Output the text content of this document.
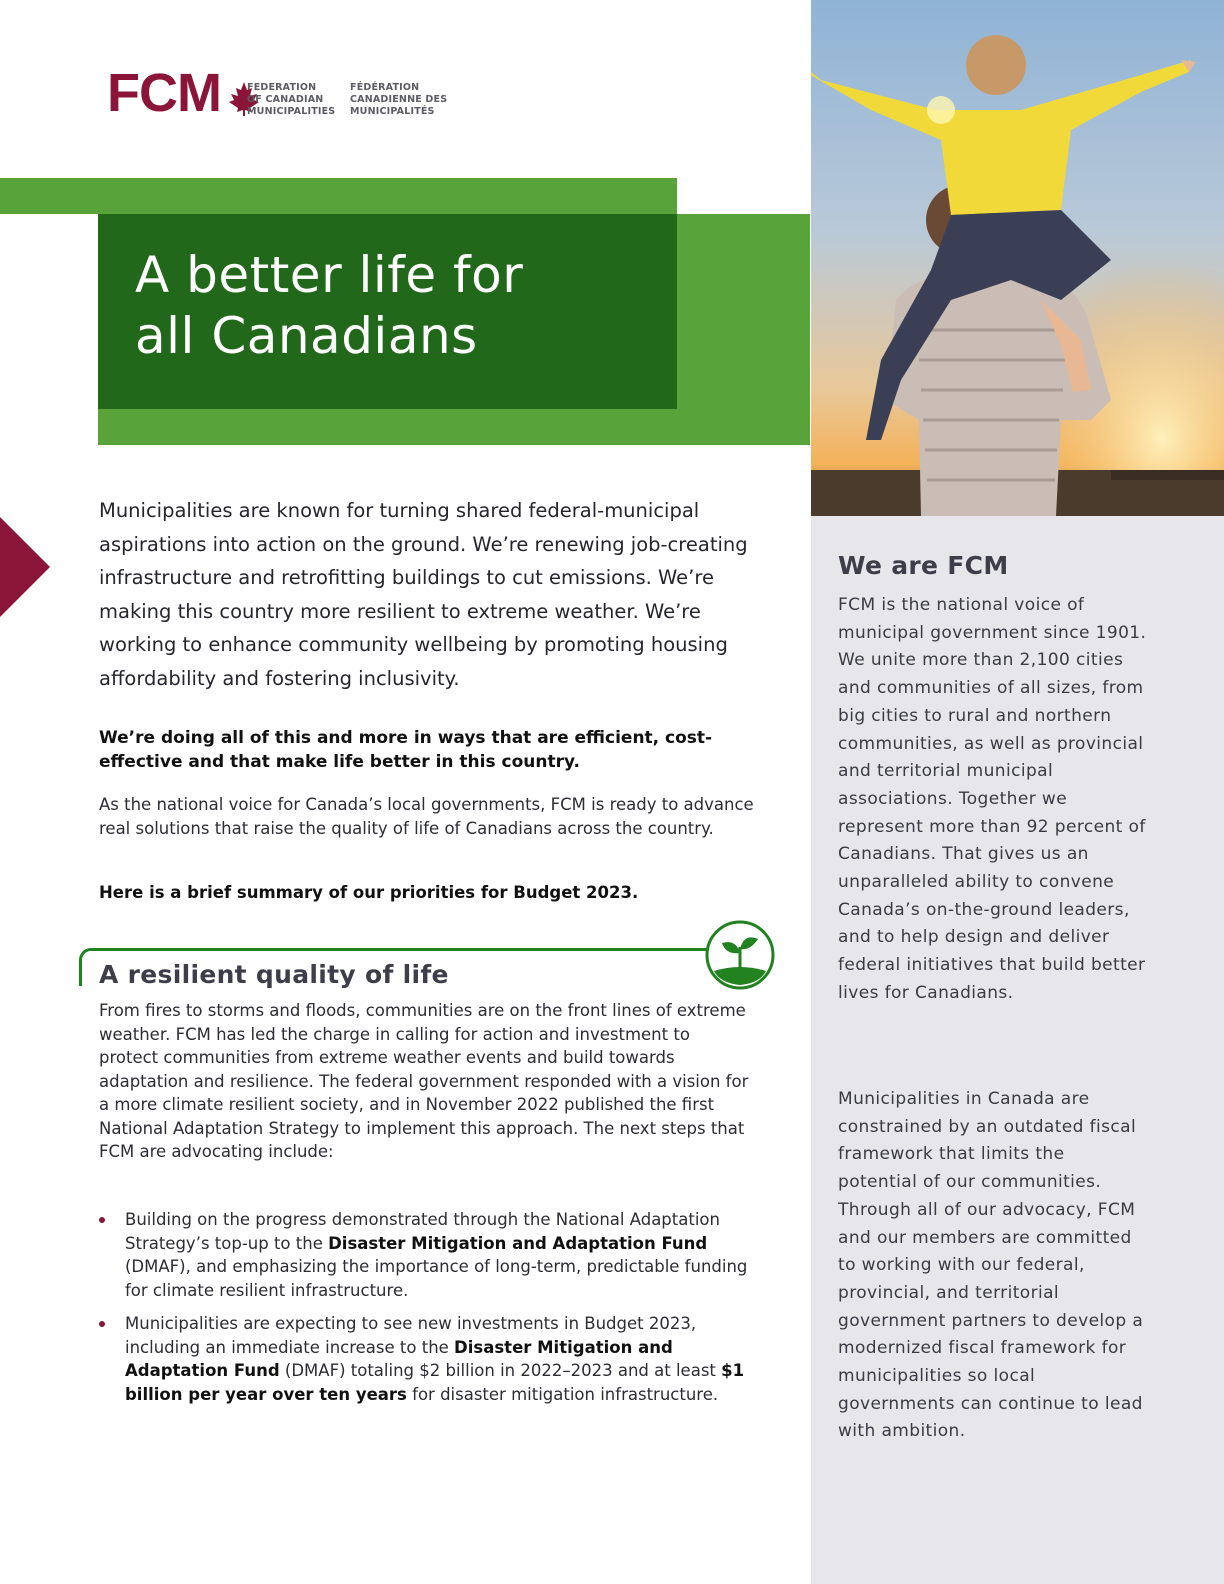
FCM	FEDERATION
OF CANADIAN
MUNICIPALITIES
FÉDÉRATION
CANADIENNE DES
MUNICIPALITÉS
A better life for
all Canadians
We are FCM

FCM is the national voice of municipal government since 1901. We unite more than 2,100 cities and communities of all sizes, from big cities to rural and northern communities, as well as provincial and territorial municipal associations. Together we represent more than 92 percent of Canadians. That gives us an unparalleled ability to convene Canada’s on-the-ground leaders, and to help design and deliver federal initiatives that build better lives for Canadians.

Municipalities in Canada are constrained by an outdated fiscal framework that limits the potential of our communities. Through all of our advocacy, FCM and our members are committed to working with our federal, provincial, and territorial government partners to develop a modernized fiscal framework for municipalities so local governments can continue to lead with ambition.

Municipalities are known for turning shared federal-municipal aspirations into action on the ground. We’re renewing job-creating infrastructure and retrofitting buildings to cut emissions. We’re making this country more resilient to extreme weather. We’re working to enhance community wellbeing by promoting housing affordability and fostering inclusivity.

We’re doing all of this and more in ways that are efficient, cost-effective and that make life better in this country.

As the national voice for Canada’s local governments, FCM is ready to advance real solutions that raise the quality of life of Canadians across the country.

Here is a brief summary of our priorities for Budget 2023.

A resilient quality of life

From fires to storms and floods, communities are on the front lines of extreme weather. FCM has led the charge in calling for action and investment to protect communities from extreme weather events and build towards adaptation and resilience. The federal government responded with a vision for a more climate resilient society, and in November 2022 published the first National Adaptation Strategy to implement this approach. The next steps that FCM are advocating include:

Building on the progress demonstrated through the National Adaptation Strategy’s top-up to the Disaster Mitigation and Adaptation Fund (DMAF), and emphasizing the importance of long-term, predictable funding for climate resilient infrastructure.
Municipalities are expecting to see new investments in Budget 2023, including an immediate increase to the Disaster Mitigation and Adaptation Fund (DMAF) totaling $2 billion in 2022–2023 and at least $1 billion per year over ten years for disaster mitigation infrastructure.
